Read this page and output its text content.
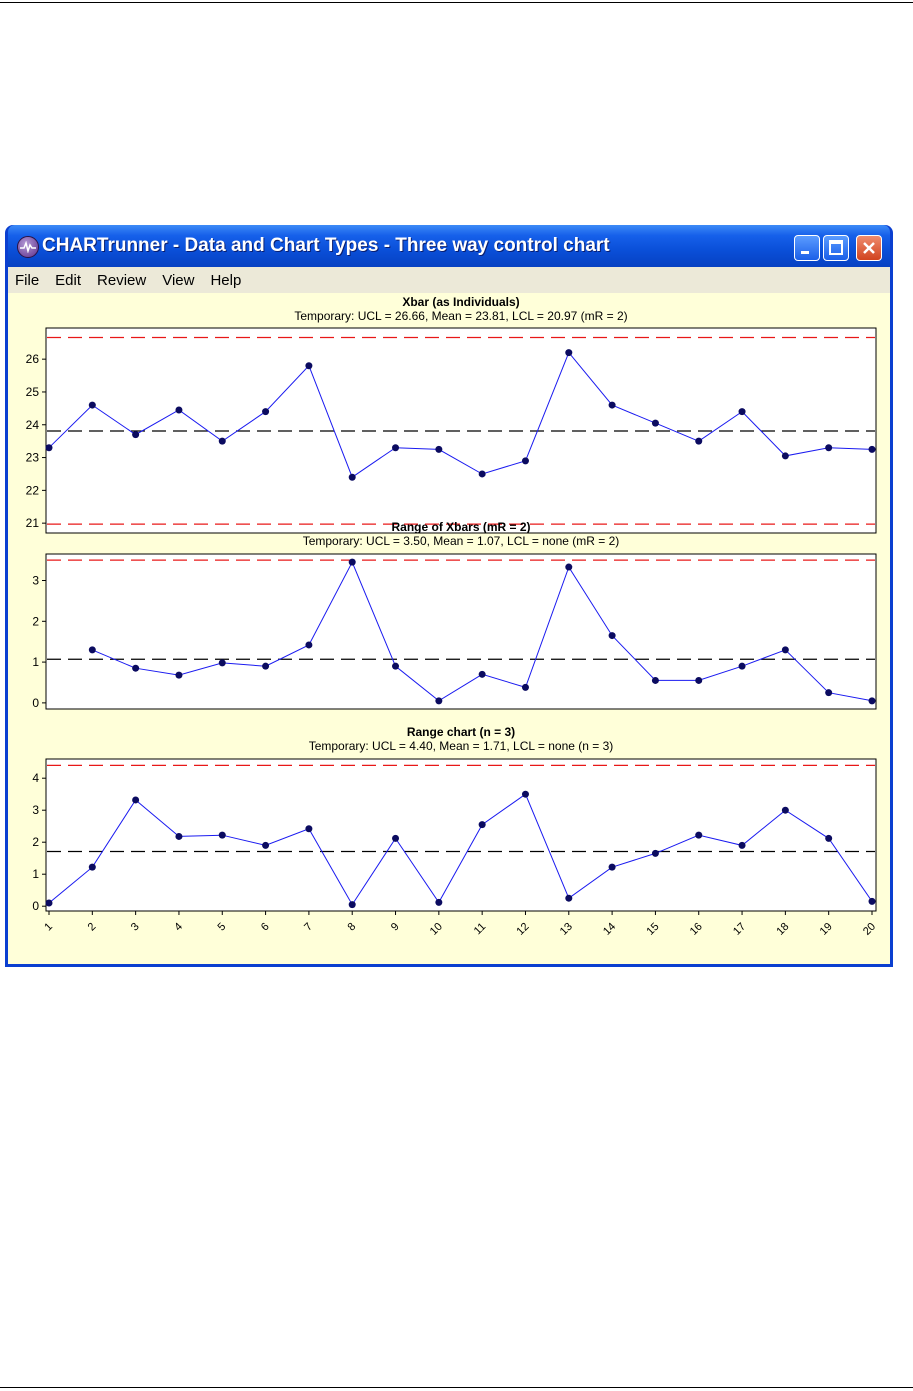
CHARTrunner - Data and Chart Types - Three way control chart
File Edit Review View Help
Xbar (as Individuals)
Temporary: UCL = 26.66, Mean = 23.81, LCL = 20.97 (mR = 2)
21
22
23
24
25
26
Range of Xbars (mR = 2)
Temporary: UCL = 3.50, Mean = 1.07, LCL = none (mR = 2)
0
1
2
3
Range chart (n = 3)
Temporary: UCL = 4.40, Mean = 1.71, LCL = none (n = 3)
0
1
2
3
4
1	2	3	4	5	6	7	8	9 10 11 12 13 14 15 16 17 18 19 20
